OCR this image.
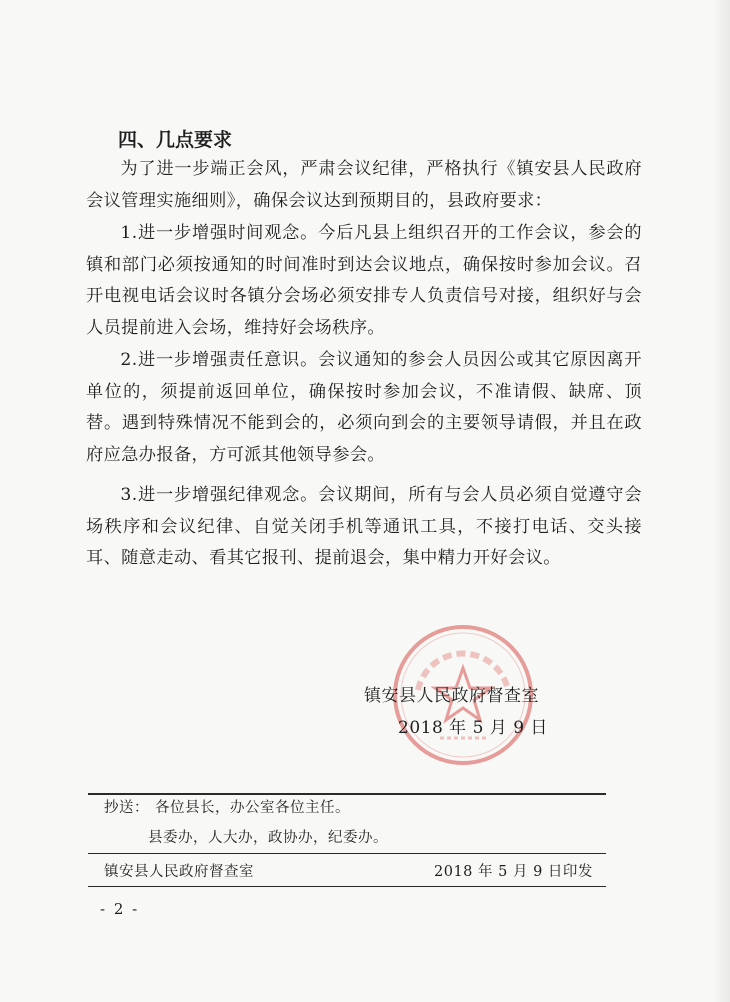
四、几点要求
为了进一步端正会风，严肃会议纪律，严格执行《镇安县人民政府会议管理实施细则》，确保会议达到预期目的，县政府要求：
1.进一步增强时间观念。今后凡县上组织召开的工作会议，参会的镇和部门必须按通知的时间准时到达会议地点，确保按时参加会议。召开电视电话会议时各镇分会场必须安排专人负责信号对接，组织好与会人员提前进入会场，维持好会场秩序。
2.进一步增强责任意识。会议通知的参会人员因公或其它原因离开单位的，须提前返回单位，确保按时参加会议，不准请假、缺席、顶替。遇到特殊情况不能到会的，必须向到会的主要领导请假，并且在政府应急办报备，方可派其他领导参会。
3.进一步增强纪律观念。会议期间，所有与会人员必须自觉遵守会场秩序和会议纪律、自觉关闭手机等通讯工具，不接打电话、交头接耳、随意走动、看其它报刊、提前退会，集中精力开好会议。
镇安县人民政府督查室
2018 年 5 月 9 日
抄送： 各位县长，办公室各位主任。
县委办，人大办，政协办，纪委办。
镇安县人民政府督查室	2018 年 5 月 9 日印发
- 2 -
